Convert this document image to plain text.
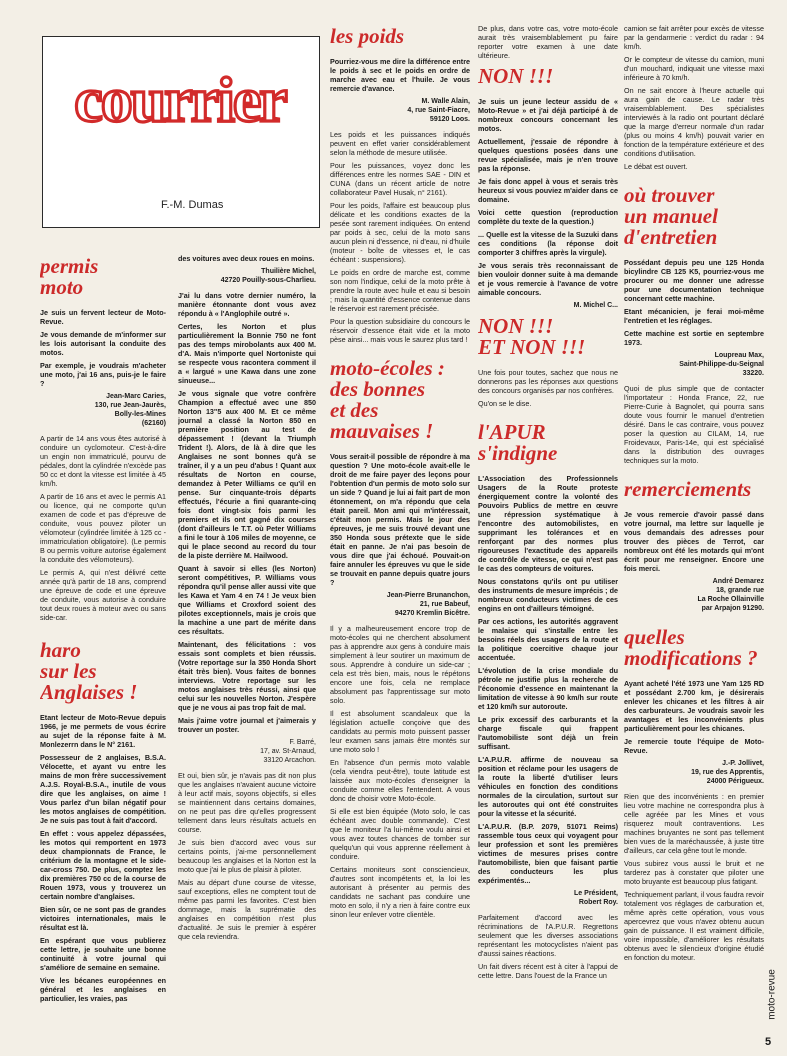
courrier
F.-M. Dumas
permis
moto

Je suis un fervent lecteur de Moto-Revue.

Je vous demande de m'informer sur les lois autorisant la conduite des motos.

Par exemple, je voudrais m'acheter une moto, j'ai 16 ans, puis-je le faire ?

Jean-Marc Caries,
130, rue Jean-Jaurès,
Bolly-les-Mines
(62160)

A partir de 14 ans vous êtes autorisé à conduire un cyclomoteur. C'est-à-dire un engin non immatriculé, pourvu de pédales, dont la cylindrée n'excède pas 50 cc et dont la vitesse est limitée à 45 km/h.

A partir de 16 ans et avec le permis A1 ou licence, qui ne comporte qu'un examen de code et pas d'épreuve de conduite, vous pouvez piloter un vélomoteur (cylindrée limitée à 125 cc - immatriculation obligatoire). (Le permis B ou permis voiture autorise également la conduite des vélomoteurs).

Le permis A, qui n'est délivré cette année qu'à partir de 18 ans, comprend une épreuve de code et une épreuve de conduite, vous autorise à conduire tout deux roues à moteur avec ou sans side-car.

haro
sur les
Anglaises !

Etant lecteur de Moto-Revue depuis 1966, je me permets de vous écrire au sujet de la réponse faite à M. Monlezerrn dans le N° 2161.

Possesseur de 2 anglaises, B.S.A. Vélocette, et ayant vu entre les mains de mon frère successivement A.J.S. Royal-B.S.A., inutile de vous dire que les anglaises, on aime ! Vous parlez d'un bilan négatif pour les motos anglaises de compétition. Je ne suis pas tout à fait d'accord.

En effet : vous appelez dépassées, les motos qui remportent en 1973 deux championnats de France, le critérium de la montagne et le side-car-cross 750. De plus, comptez les dix premières 750 cc de la course de Rouen 1973, vous y trouverez un certain nombre d'anglaises.

Bien sûr, ce ne sont pas de grandes victoires internationales, mais le résultat est là.

En espérant que vous publierez cette lettre, je souhaite une bonne continuité à votre journal qui s'améliore de semaine en semaine.

Vive les bécanes européennes en général et les anglaises en particulier, les vraies, pas

des voitures avec deux roues en moins.

Thuilière Michel,
42720 Pouilly-sous-Charlieu.

J'ai lu dans votre dernier numéro, la manière étonnante dont vous avez répondu à « l'Anglophile outré ».

Certes, les Norton et plus particulièrement la Bonnie 750 ne font pas des temps mirobolants aux 400 M. d'A. Mais n'importe quel Nortoniste qui se respecte vous racontera comment il a « largué » une Kawa dans une zone sinueuse...

Je vous signale que votre confrère Champion a effectué avec une 850 Norton 13"5 aux 400 M. Et ce même journal a classé la Norton 850 en première position au test de dépassement ! (devant la Triumph Trident !). Alors, de là à dire que les Anglaises ne sont bonnes qu'à se traîner, il y a un peu d'abus ! Quant aux résultats de Norton en course, demandez à Peter Williams ce qu'il en pense. Sur cinquante-trois départs effectués, l'écurie a fini quarante-cinq fois dont vingt-six fois parmi les premiers et ils ont gagné dix courses (dont d'ailleurs le T.T. où Peter Williams a fini le tour à 106 miles de moyenne, ce qui le place second au record du tour de la piste derrière M. Hailwood.

Quant à savoir si elles (les Norton) seront compétitives, P. Williams vous répondra qu'il pense aller aussi vite que les Kawa et Yam 4 en 74 ! Je veux bien que Williams et Croxford soient des pilotes exceptionnels, mais je crois que la machine a une part de mérite dans ces résultats.

Maintenant, des félicitations : vos essais sont complets et bien réussis. (Votre reportage sur la 350 Honda Short était très bien). Vous faites de bonnes interviews. Votre reportage sur les motos anglaises très réussi, ainsi que celui sur les nouvelles Norton. J'espère que je ne vous ai pas trop fait de mal.

Mais j'aime votre journal et j'aimerais y trouver un poster.

F. Barré,
17, av. St-Arnaud,
33120 Arcachon.

Et oui, bien sûr, je n'avais pas dit non plus que les anglaises n'avaient aucune victoire à leur actif mais, soyons objectifs, si elles se maintiennent dans certains domaines, on ne peut pas dire qu'elles progressent tellement dans leurs résultats actuels en course.

Je suis bien d'accord avec vous sur certains points, j'ai-me personnellement beaucoup les anglaises et la Norton est la moto que j'ai le plus de plaisir à piloter.

Mais au départ d'une course de vitesse, sauf exceptions, elles ne comptent tout de même pas parmi les favorites. C'est bien dommage, mais la suprématie des anglaises en compétition n'est plus d'actualité. Je suis le premier à espérer que cela reviendra.

les poids

Pourriez-vous me dire la différence entre le poids à sec et le poids en ordre de marche avec eau et l'huile. Je vous remercie d'avance.

M. Walle Alain,
4, rue Saint-Fiacre,
59120 Loos.

Les poids et les puissances indiqués peuvent en effet varier considérablement selon la méthode de mesure utilisée.

Pour les puissances, voyez donc les différences entre les normes SAE - DIN et CUNA (dans un récent article de notre collaborateur Pavel Husak, n° 2161).

Pour les poids, l'affaire est beaucoup plus délicate et les conditions exactes de la pesée sont rarement indiquées. On entend par poids à sec, celui de la moto sans aucun plein ni d'essence, ni d'eau, ni d'huile (moteur - boîte de vitesses et, le cas échéant : suspensions).

Le poids en ordre de marche est, comme son nom l'indique, celui de la moto prête à prendre la route avec huile et eau si besoin ; mais la quantité d'essence contenue dans le réservoir est rarement précisée.

Pour la question subsidiaire du concours le réservoir d'essence était vide et la moto pèse ainsi... mais vous le saurez plus tard !

moto-écoles :
des bonnes
et des
mauvaises !

Vous serait-il possible de répondre à ma question ? Une moto-école avait-elle le droit de me faire payer des leçons pour l'obtention d'un permis de moto solo sur un side ? Quand je lui ai fait part de mon étonnement, on m'a répondu que cela était pareil. Mon ami qui m'intéressait, c'était mon permis. Mais le jour des épreuves, je me suis trouvé devant une 350 Honda sous prétexte que le side était en panne. Je n'ai pas besoin de vous dire que j'ai échoué. Pouvait-on faire annuler les épreuves vu que le side se trouvait en panne depuis quatre jours ?

Jean-Pierre Brunanchon,
21, rue Babeuf,
94270 Kremlin Bicêtre.

Il y a malheureusement encore trop de moto-écoles qui ne cherchent absolument pas à apprendre aux gens à conduire mais simplement à leur soutirer un maximum de sous. Apprendre à conduire un side-car ; cela est très bien, mais, nous le répétons encore une fois, cela ne remplace absolument pas l'apprentissage sur moto solo.

Il est absolument scandaleux que la législation actuelle conçoive que des candidats au permis moto puissent passer leur examen sans jamais être montés sur une moto solo !

En l'absence d'un permis moto valable (cela viendra peut-être), toute latitude est laissée aux moto-écoles d'enseigner la conduite comme elles l'entendent. A vous donc de choisir votre Moto-école.

Si elle est bien équipée (Moto solo, le cas échéant avec double commande). C'est que le moniteur l'a lui-même voulu ainsi et vous avez toutes chances de tomber sur quelqu'un qui vous apprenne réellement à conduire.

Certains moniteurs sont consciencieux, d'autres sont incompétents et, la loi les autorisant à présenter au permis des candidats ne sachant pas conduire une moto en solo, il n'y a rien à faire contre eux sinon leur enlever votre clientèle.

De plus, dans votre cas, votre moto-école aurait très vraisemblablement pu faire reporter votre examen à une date ultérieure.

NON !!!

Je suis un jeune lecteur assidu de « Moto-Revue » et j'ai déjà participé à de nombreux concours concernant les motos.

Actuellement, j'essaie de répondre à quelques questions posées dans une revue spécialisée, mais je n'en trouve pas la réponse.

Je fais donc appel à vous et serais très heureux si vous pouviez m'aider dans ce domaine.

Voici cette question (reproduction complète du texte de la question.)

... Quelle est la vitesse de la Suzuki dans ces conditions (la réponse doit comporter 3 chiffres après la virgule).

Je vous serais très reconnaissant de bien vouloir donner suite à ma demande et je vous remercie à l'avance de votre aimable concours.

M. Michel C...
NON !!!
ET NON !!!

Une fois pour toutes, sachez que nous ne donnerons pas les réponses aux questions des concours organisés par nos confrères.

Qu'on se le dise.

l'APUR
s'indigne

L'Association des Professionnels Usagers de la Route proteste énergiquement contre la volonté des Pouvoirs Publics de mettre en œuvre une répression systématique à l'encontre des automobilistes, en supprimant les tolérances et en renforçant par des normes plus rigoureuses l'exactitude des appareils de contrôle de vitesse, ce qui n'est pas le cas des compteurs de voitures.

Nous constatons qu'ils ont pu utiliser des instruments de mesure imprécis ; de nombreux conducteurs victimes de ces engins en ont d'ailleurs témoigné.

Par ces actions, les autorités aggravent le malaise qui s'installe entre les besoins réels des usagers de la route et la politique coercitive chaque jour accentuée.

L'évolution de la crise mondiale du pétrole ne justifie plus la recherche de l'économie d'essence en maintenant la limitation de vitesse à 90 km/h sur route et 120 km/h sur autoroute.

Le prix excessif des carburants et la charge fiscale qui frappent l'automobiliste sont déjà un frein suffisant.

L'A.P.U.R. affirme de nouveau sa position et réclame pour les usagers de la route la liberté d'utiliser leurs véhicules en fonction des conditions normales de la circulation, surtout sur les autoroutes qui ont été construites pour la vitesse et la sécurité.

L'A.P.U.R. (B.P. 2079, 51071 Reims) rassemble tous ceux qui voyagent pour leur profession et sont les premières victimes de mesures prises contre l'automobiliste, bien que faisant partie des conducteurs les plus expérimentés...

Le Président,
Robert Roy.

Parfaitement d'accord avec les récriminations de l'A.P.U.R. Regrettons seulement que les diverses associations représentant les motocyclistes n'aient pas d'aussi saines réactions.

Un fait divers récent est à citer à l'appui de cette lettre. Dans l'ouest de la France un

camion se fait arrêter pour excès de vitesse par la gendarmerie : verdict du radar : 94 km/h.

Or le compteur de vitesse du camion, muni d'un mouchard, indiquait une vitesse maxi inférieure à 70 km/h.

On ne sait encore à l'heure actuelle qui aura gain de cause. Le radar très vraisemblablement. Des spécialistes interviewés à la radio ont pourtant déclaré que la marge d'erreur normale d'un radar (plus ou moins 4 km/h) pouvait varier en fonction de la température extérieure et des conditions d'utilisation.

Le débat est ouvert.

où trouver
un manuel
d'entretien

Possédant depuis peu une 125 Honda bicylindre CB 125 K5, pourriez-vous me procurer ou me donner une adresse pour une documentation technique concernant cette machine.

Etant mécanicien, je ferai moi-même l'entretien et les réglages.

Cette machine est sortie en septembre 1973.

Loupreau Max,
Saint-Philippe-du-Seignal
33220.

Quoi de plus simple que de contacter l'importateur : Honda France, 22, rue Pierre-Curie à Bagnolet, qui pourra sans doute vous fournir le manuel d'entretien désiré. Dans le cas contraire, vous pouvez poser la question au CILAM, 14, rue Froidevaux, Paris-14e, qui est spécialisé dans la distribution des ouvrages techniques sur la moto.

remerciements

Je vous remercie d'avoir passé dans votre journal, ma lettre sur laquelle je vous demandais des adresses pour trouver des pièces de Terrot, car nombreux ont été les motards qui m'ont écrit pour me renseigner. Encore une fois merci.

André Demarez
18, grande rue
La Roche Ollainville
par Arpajon 91290.
quelles
modifications ?

Ayant acheté l'été 1973 une Yam 125 RD et possédant 2.700 km, je désirerais enlever les chicanes et les filtres à air des carburateurs. Je voudrais savoir les avantages et les inconvénients plus particulièrement pour les chicanes.

Je remercie toute l'équipe de Moto-Revue.

J.-P. Jollivet,
19, rue des Apprentis,
24000 Périgueux.

Rien que des inconvénients : en premier lieu votre machine ne correspondra plus à celle agréée par les Mines et vous risquerez moult contraventions. Les machines bruyantes ne sont pas tellement bien vues de la maréchaussée, à juste titre d'ailleurs, car cela gêne tout le monde.

Vous subirez vous aussi le bruit et ne tarderez pas à constater que piloter une moto bruyante est beaucoup plus fatigant.

Techniquement parlant, il vous faudra revoir totalement vos réglages de carburation et, même après cette opération, vous vous apercevrez que vous n'avez obtenu aucun gain de puissance. Il est vraiment difficile, voire impossible, d'améliorer les résultats obtenus avec le silencieux d'origine étudié en fonction du moteur.

moto-revue
5
